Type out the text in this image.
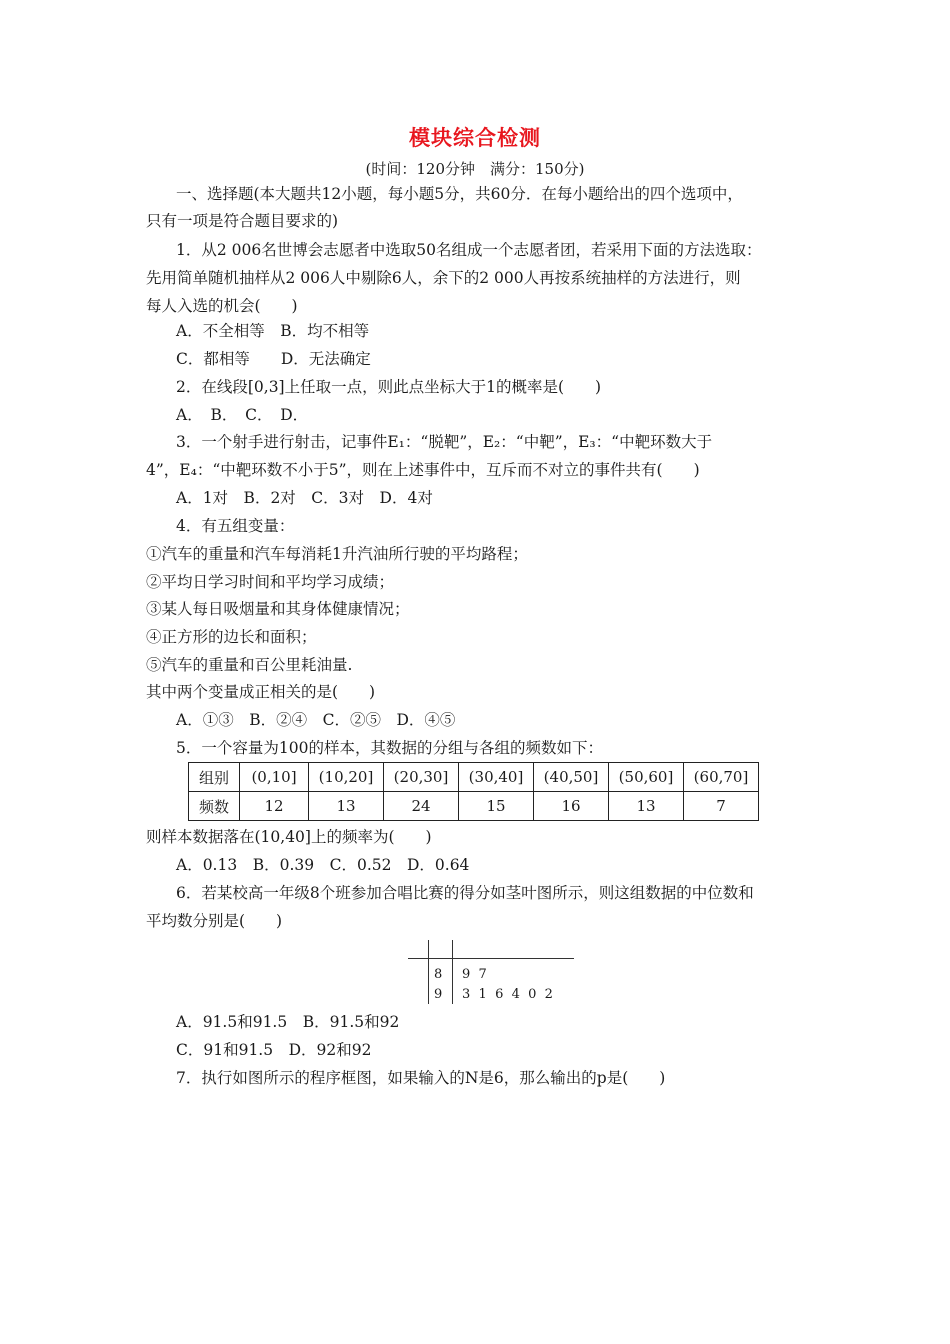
模块综合检测
(时间：120分钟　满分：150分)
一、选择题(本大题共12小题，每小题5分，共60分．在每小题给出的四个选项中，
只有一项是符合题目要求的)
1．从2 006名世博会志愿者中选取50名组成一个志愿者团，若采用下面的方法选取：
先用简单随机抽样从2 006人中剔除6人，余下的2 000人再按系统抽样的方法进行，则
每人入选的机会(　　)
A．不全相等　B．均不相等
C．都相等　　D．无法确定
2．在线段[0,3]上任取一点，则此点坐标大于1的概率是(　　)
A．　B．　C．　D．
3．一个射手进行射击，记事件E₁：“脱靶”，E₂：“中靶”，E₃：“中靶环数大于
4”，E₄：“中靶环数不小于5”，则在上述事件中，互斥而不对立的事件共有(　　)
A．1对　B．2对　C．3对　D．4对
4．有五组变量：
①汽车的重量和汽车每消耗1升汽油所行驶的平均路程；
②平均日学习时间和平均学习成绩；
③某人每日吸烟量和其身体健康情况；
④正方形的边长和面积；
⑤汽车的重量和百公里耗油量.
其中两个变量成正相关的是(　　)
A．①③　B．②④　C．②⑤　D．④⑤
5．一个容量为100的样本，其数据的分组与各组的频数如下：
组别	(0,10]	(10,20]	(20,30]	(30,40]	(40,50]	(50,60]	(60,70]
频数	12	13	24	15	16	13	7
则样本数据落在(10,40]上的频率为(　　)
A．0.13　B．0.39　C．0.52　D．0.64
6．若某校高一年级8个班参加合唱比赛的得分如茎叶图所示，则这组数据的中位数和
平均数分别是(　　)
8 9  7
9 3  1  6  4  0  2
A．91.5和91.5　B．91.5和92
C．91和91.5　D．92和92
7．执行如图所示的程序框图，如果输入的N是6，那么输出的p是(　　)
